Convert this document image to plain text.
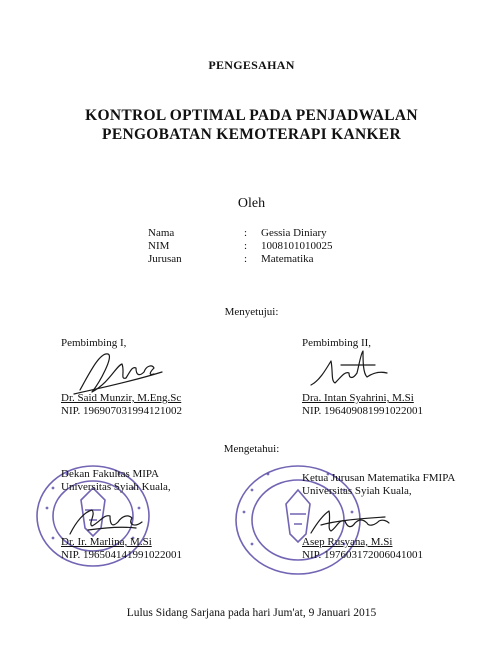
PENGESAHAN
KONTROL OPTIMAL PADA PENJADWALAN
PENGOBATAN KEMOTERAPI KANKER
Oleh
Nama	: Gessia Diniary
NIM	: 1008101010025
Jurusan	: Matematika
Menyetujui:
Pembimbing I,
Dr. Said Munzir, M.Eng.Sc
NIP. 196907031994121002
Pembimbing II,
Dra. Intan Syahrini, M.Si
NIP. 196409081991022001
Mengetahui:
Dekan Fakultas MIPA
Universitas Syiah Kuala,
Dr. Ir. Marlina, M.Si
NIP. 196504141991022001
Ketua Jurusan Matematika FMIPA
Universitas Syiah Kuala,
Asep Rusyana, M.Si
NIP. 197603172006041001
Lulus Sidang Sarjana pada hari Jum'at, 9 Januari 2015
